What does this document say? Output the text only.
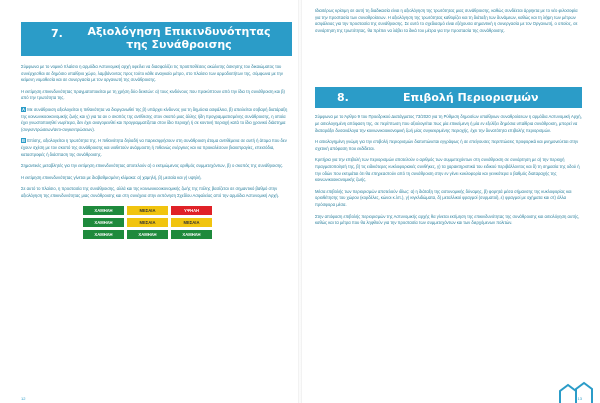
7.	Αξιολόγηση Επικινδυνότητας
της Συνάθροισης

Σύμφωνα με το νομικό πλαίσιο η αρμόδια Αστυνομική αρχή οφείλει να διασφαλίζει τις προϋποθέσεις ακώλυτης άσκησης του δικαιώματος του συνέρχεσθαι σε δημόσιο υπαίθριο χώρο, λαμβάνοντας προς τούτο κάθε αναγκαίο μέτρο, στο πλαίσιο των αρμοδιοτήτων της, σύμφωνα με την κείμενη νομοθεσία και σε συνεργασία με τον οργανωτή της συνάθροισης.

Η εκτίμηση επικινδυνότητας πραγματοποιείται με τη χρήση δύο δεικτών: α) τους κινδύνους που προκύπτουν από την ίδια τη συνάθροιση και β) από την τρωτότητα της.

Α Με συνάθροιση αξιολογείται η πιθανότητα να διοργανωθεί της β) υπάρχει κίνδυνος για τη δημόσια ασφάλεια, β) απειλείται σοβαρή διατάραξη της κοινωνικοοικονομικής ζωής και γ) για τα αν ο σκοπός της αντίθεσης στον σκοπό μιας άλλης ήδη προγραμματισμένης συνάθροισης, η οποία έχει γνωστοποιηθεί νωρίτερα, δεν έχει αναγορευθεί και προγραμματίζεται στον ίδιο περιοχή ή σε κοντινή περιοχή κατά το ίδιο χρονικό διάστημα (συγκεντρώσεων/αντι-συγκεντρώσεων).

Β Επίσης, αξιολογείται η τρωτότητα της. Η πιθανότητα δηλαδή να παρεισφρήσουν στη συνάθροιση άτομα αντιθέμενα σε αυτή ή άτομα που δεν έχουν σχέση με τον σκοπό της συνάθροισης και υιοθετούν ανάρμοστη ή πιθανώς ενέργειες και να προκαλέσουν βιαιοπραγίες, επεισόδια, καταστροφές ή διάσπαση της συνάθροισης.

Σημαντικές μεταβλητές για την εκτίμηση επικινδυνότητας αποτελούν α) ο εκτιμώμενος αριθμός συμμετεχόντων, β) ο σκοπός της συνάθροισης.

Η εκτίμηση επικινδυνότητας γίνεται με διαβαθμισμένη κλίμακα: α) χαμηλή, β) μεσαία και γ) υψηλή.

Σε αυτό το πλαίσιο, η προστασία της συνάθροισης, αλλά και της κοινωνικοοικονομικής ζωής της πόλης βασίζεται σε σημαντικό βαθμό στην αξιολόγηση της επικινδυνότητας μιας συνάθροισης και στη συνέχεια στην εκπόνηση Σχεδίου Ασφαλείας από την αρμόδια Αστυνομική Αρχή.

ΧΑΜΗΛΗ	ΜΕΣΑΙΑ	ΥΨΗΛΗ
ΧΑΜΗΛΗ	ΜΕΣΑΙΑ	ΜΕΣΑΙΑ
ΧΑΜΗΛΗ	ΧΑΜΗΛΗ	ΧΑΜΗΛΗ
12

Ιδιαιτέρως κρίσιμη σε αυτή τη διαδικασία είναι η αξιολόγηση της τρωτότητας μιας συνάθροισης, καθώς συνδέεται άρρηκτα με το νέο φιλοσοφία για την προστασία των συναθροίσεων. Η αξιολόγηση της τρωτότητας καθορίζει και τη διάταξη των δυνάμεων, καθώς και τη λήψη των μέτρων ασφάλειας για την προστασία της συνάθροισης. Σε αυτό το σχεδιασμό είναι εξέχουσα σημαντική η συνεργασία με τον Οργανωτή, ο οποίος, σε συνάρτηση της τρωτότητας, θα πρέπει να λάβει τα δικά του μέτρα για την προστασία της συνάθροισης.

8.	Επιβολή Περιορισμών

Σύμφωνα με το Άρθρο 9 του Προεδρικού Διατάγματος 73/2020 για τη Ρύθμιση δημοσίων υπαίθριων συναθροίσεων η αρμόδια Αστυνομική Αρχή, με αιτιολογημένη απόφαση της, σε περίπτωση που αξιολογείται πως μία επικείμενη ή μία εν εξελίξει δημόσια υπαίθρια συνάθροιση, μπορεί να διαταράξει δυσανάλογα την κοινωνικοοικονομική ζωή μίας συγκεκριμένης περιοχής, έχει την δυνατότητα επιβολής περιορισμών.

Η αιτιολογημένη γνώμη για την επιβολή περιορισμών διατυπώνεται εγγράφως ή σε επείγουσες περιπτώσεις προφορικά και μνημονεύεται στην σχετική απόφαση που εκδίδεται.

Κριτήρια για την επιβολή των περιορισμών αποτελούν ο αριθμός των συμμετεχόντων στη συνάθροιση σε συνάρτηση με α) την περιοχή πραγματοποίησή της, β) τις ειδικότερες κυκλοφοριακές συνθήκες, γ) τα χαρακτηριστικά του ειδικού περιβάλλοντος και δ) τη σημασία της οδού ή την οδών που εκτιμάται ότι θα επηρεαστούν από τη συνάθροιση στην εν γένει κυκλοφορία και γενικότερα ο βαθμός διαταραχής της κοινωνικοοικονομικής ζωής.

Μέσα επιβολής των περιορισμών αποτελούν ιδίως: α) η διάταξη της αστυνομικής δύναμης, β) φορητά μέσα σήμανσης της κυκλοφορίας και οριοθέτησης του χώρου (κορδέλες, κώνοι κ.λπ.), γ) κιγκλιδώματα, δ) μεταλλικοί φραγμοί (συρματοί), ε) φραγμοί με οχήματα και στ) άλλα πρόσφορα μέσα.

Στην απόφαση επιβολής περιορισμών της Αστυνομικής αρχής θα γίνεται εκτίμηση της επικινδυνότητας της συνάθροισης και αιτιολόγηση αυτής, καθώς και τα μέτρα που θα ληφθούν για την προστασία των συμμετεχόντων και των διερχόμενων πολιτών.

13
